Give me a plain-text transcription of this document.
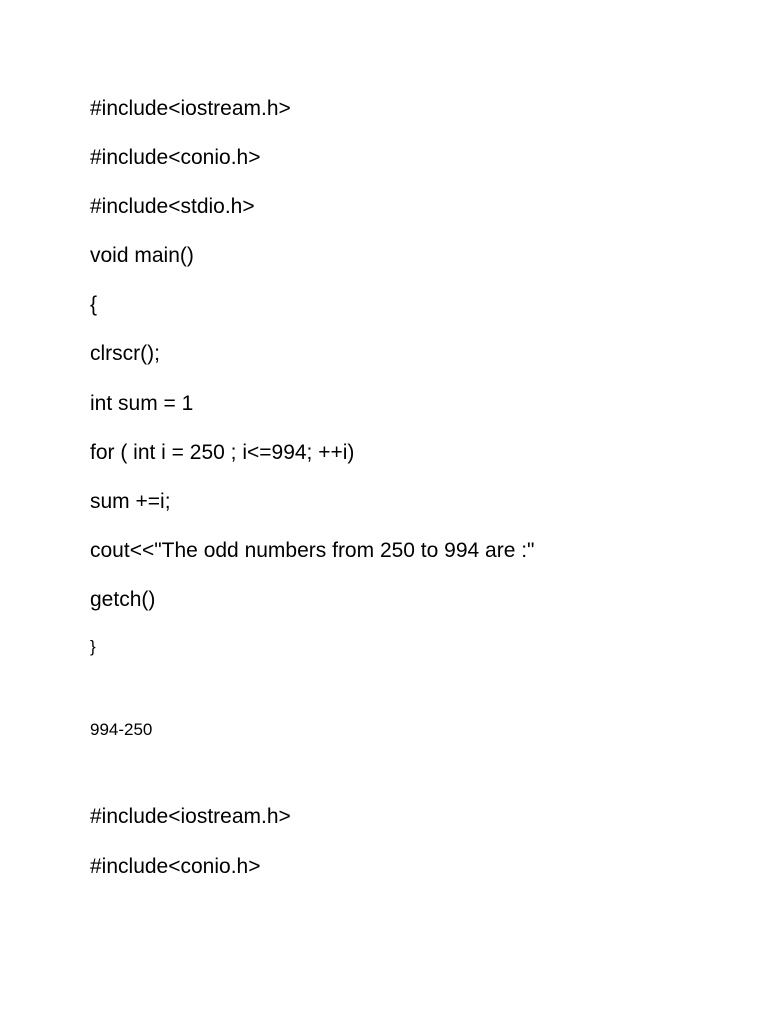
#include<iostream.h>
#include<conio.h>
#include<stdio.h>
void main()
{
clrscr();
int sum = 1
for ( int i = 250 ; i<=994; ++i)
sum +=i;
cout<<"The odd numbers from 250 to 994 are :"
getch()
}
994-250
#include<iostream.h>
#include<conio.h>
